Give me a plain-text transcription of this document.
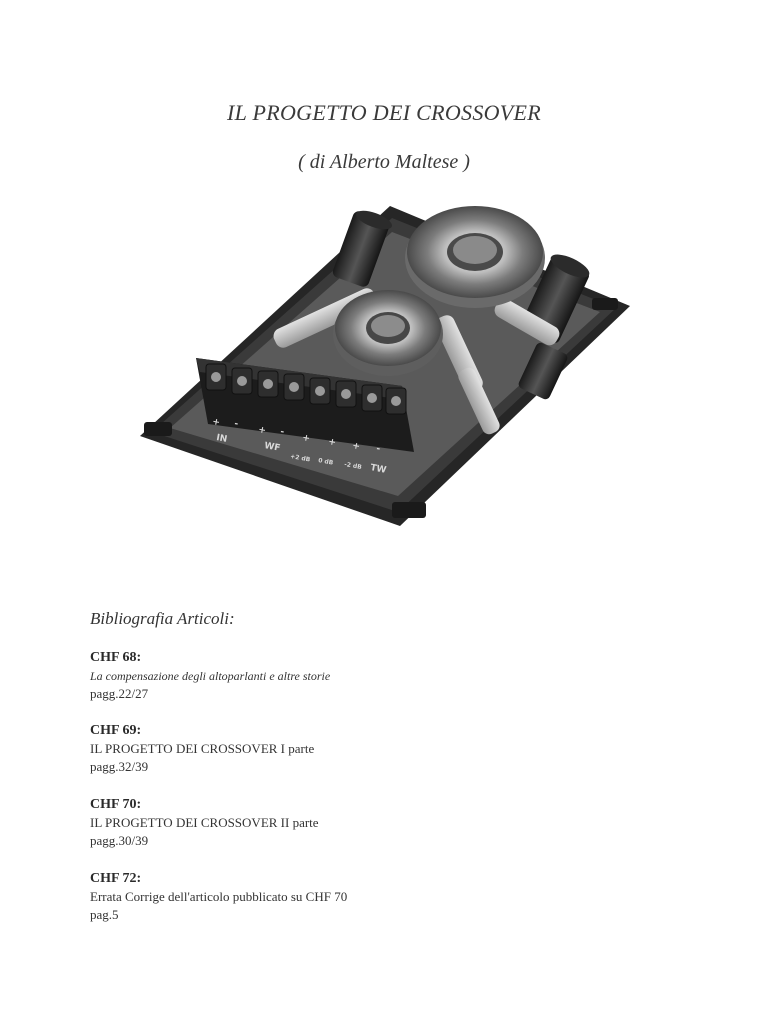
IL PROGETTO DEI CROSSOVER
( di Alberto Maltese )
+ -
IN
+ -
WF
+ + + -
+2 dB 0 dB -2 dB TW
Bibliografia Articoli:
CHF 68:
La compensazione degli altoparlanti e altre storie
pagg.22/27
CHF 69:
IL PROGETTO DEI CROSSOVER I parte
pagg.32/39
CHF 70:
IL PROGETTO DEI CROSSOVER II parte
pagg.30/39
CHF 72:
Errata Corrige dell'articolo pubblicato su CHF 70
pag.5
